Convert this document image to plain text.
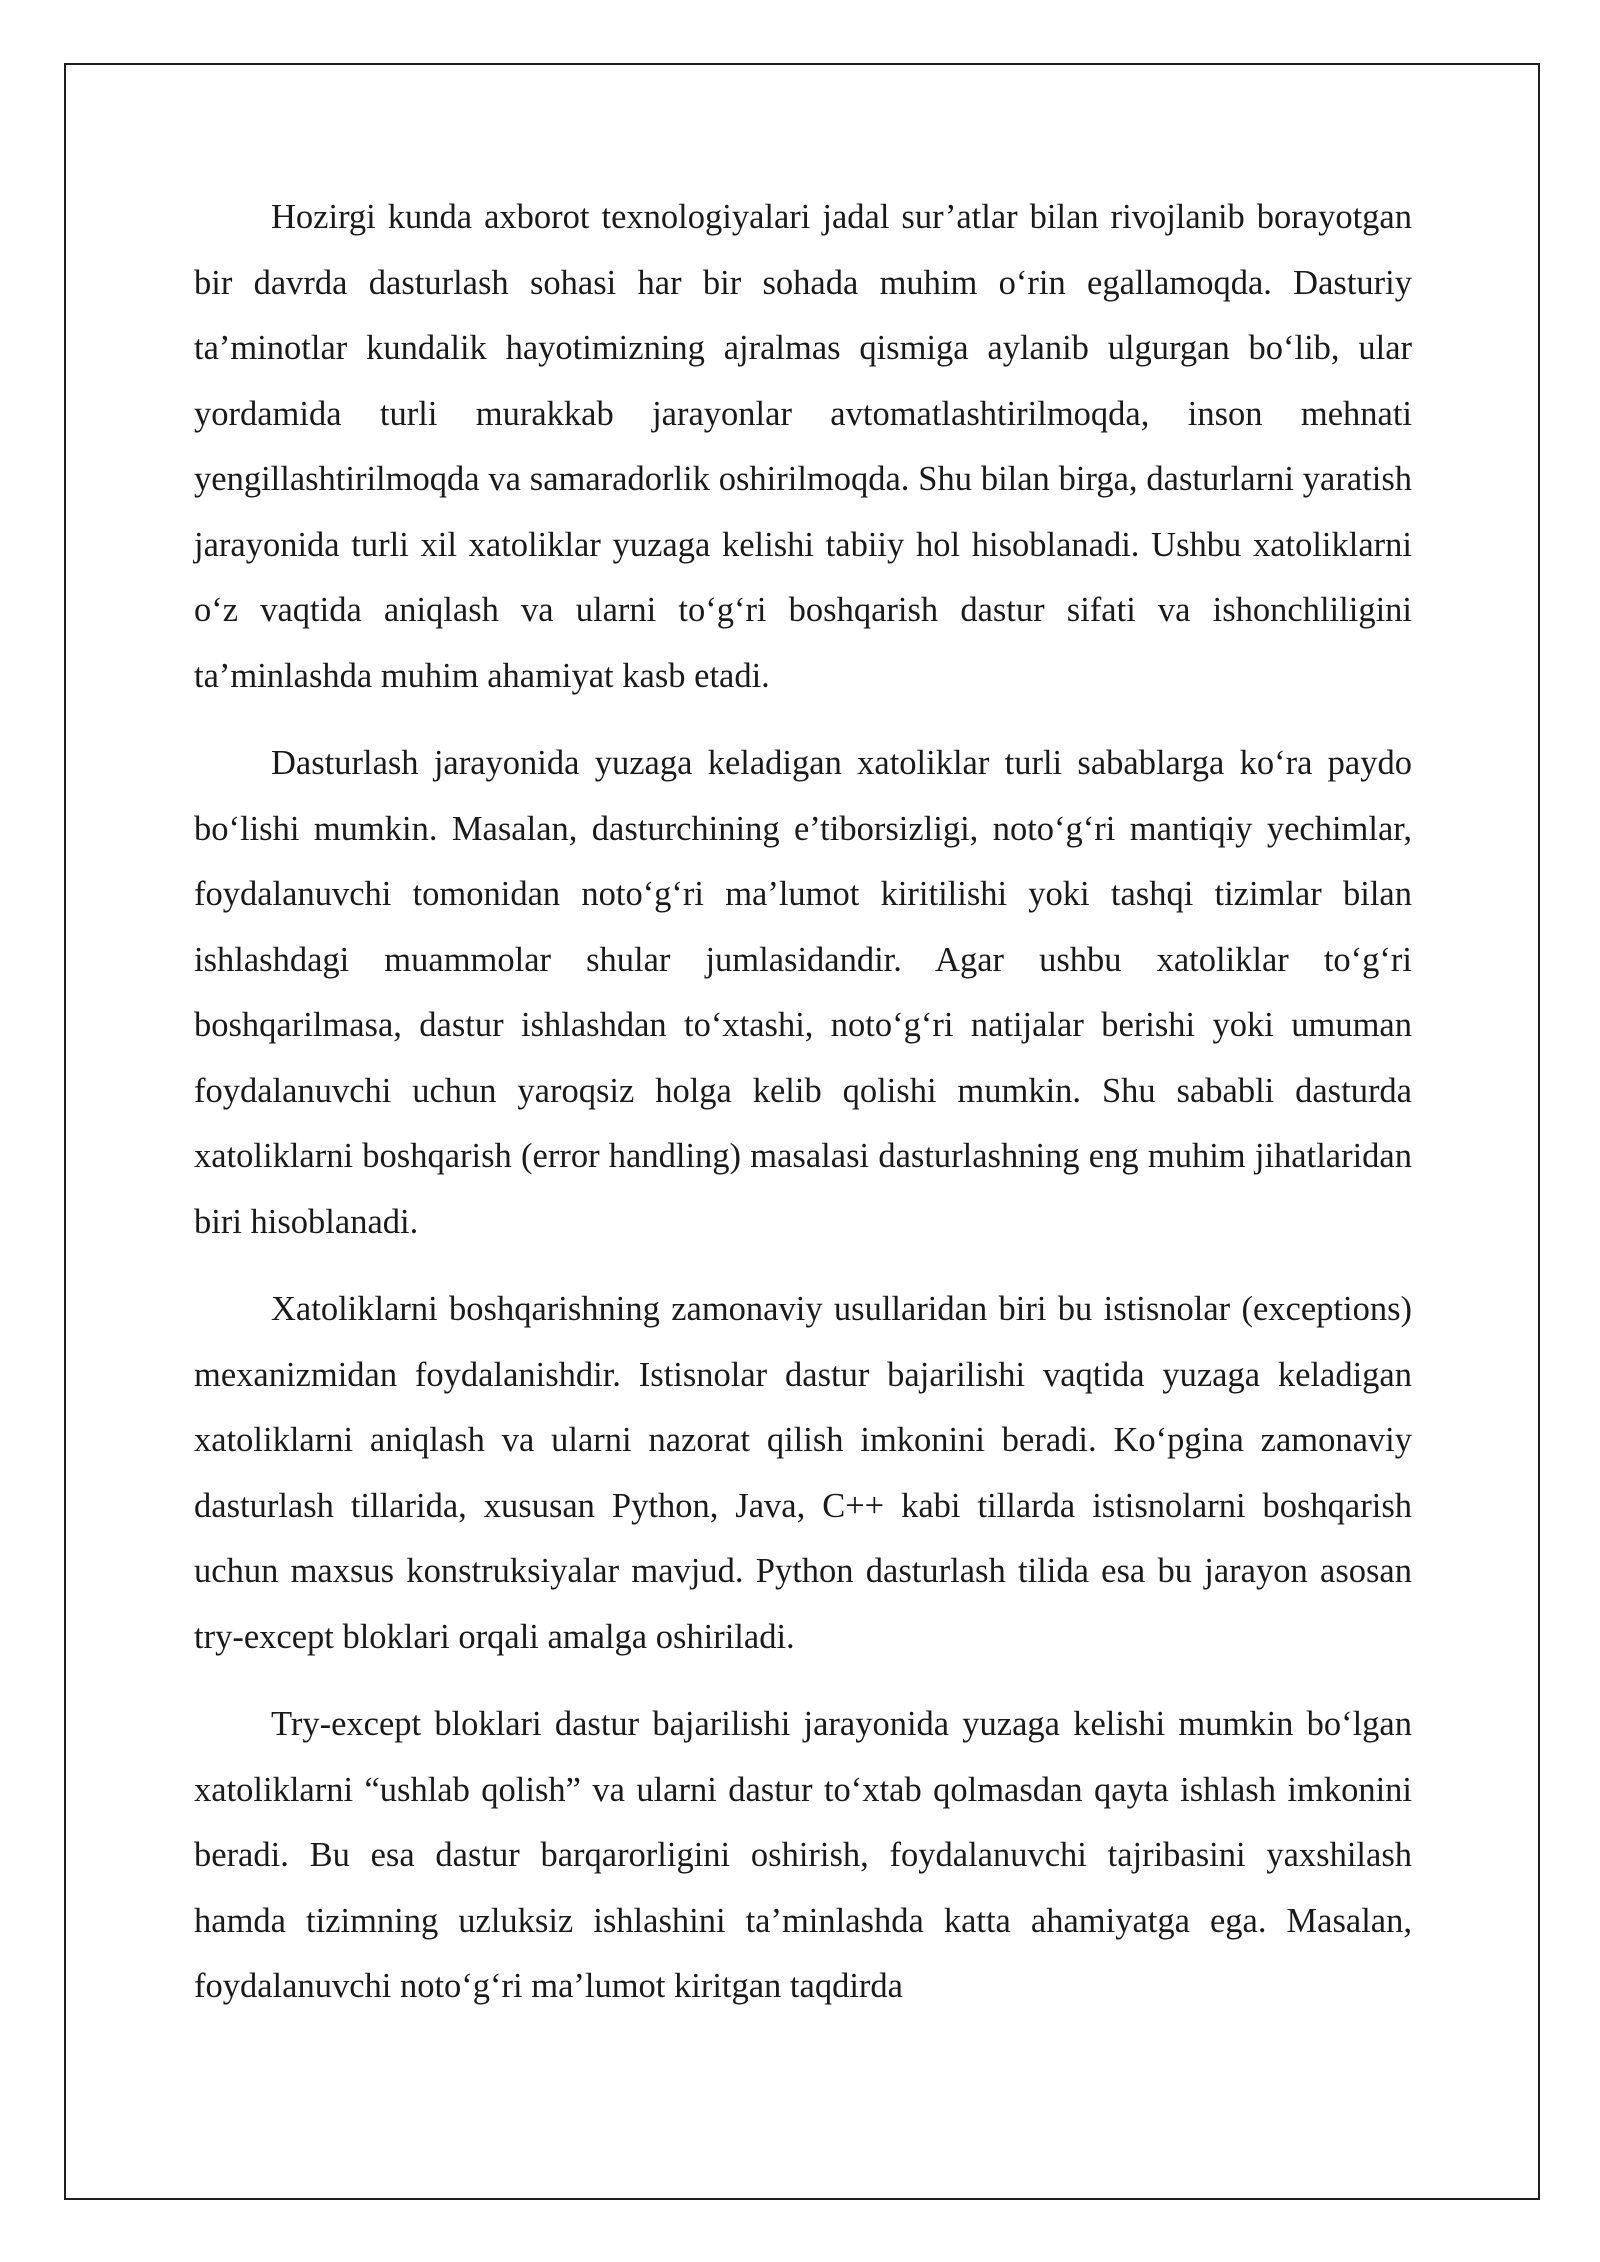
Hozirgi kunda axborot texnologiyalari jadal sur’atlar bilan rivojlanib borayotgan bir davrda dasturlash sohasi har bir sohada muhim o‘rin egallamoqda. Dasturiy ta’minotlar kundalik hayotimizning ajralmas qismiga aylanib ulgurgan bo‘lib, ular yordamida turli murakkab jarayonlar avtomatlashtirilmoqda, inson mehnati yengillashtirilmoqda va samaradorlik oshirilmoqda. Shu bilan birga, dasturlarni yaratish jarayonida turli xil xatoliklar yuzaga kelishi tabiiy hol hisoblanadi. Ushbu xatoliklarni o‘z vaqtida aniqlash va ularni to‘g‘ri boshqarish dastur sifati va ishonchliligini ta’minlashda muhim ahamiyat kasb etadi.

Dasturlash jarayonida yuzaga keladigan xatoliklar turli sabablarga ko‘ra paydo bo‘lishi mumkin. Masalan, dasturchining e’tiborsizligi, noto‘g‘ri mantiqiy yechimlar, foydalanuvchi tomonidan noto‘g‘ri ma’lumot kiritilishi yoki tashqi tizimlar bilan ishlashdagi muammolar shular jumlasidandir. Agar ushbu xatoliklar to‘g‘ri boshqarilmasa, dastur ishlashdan to‘xtashi, noto‘g‘ri natijalar berishi yoki umuman foydalanuvchi uchun yaroqsiz holga kelib qolishi mumkin. Shu sababli dasturda xatoliklarni boshqarish (error handling) masalasi dasturlashning eng muhim jihatlaridan biri hisoblanadi.

Xatoliklarni boshqarishning zamonaviy usullaridan biri bu istisnolar (exceptions) mexanizmidan foydalanishdir. Istisnolar dastur bajarilishi vaqtida yuzaga keladigan xatoliklarni aniqlash va ularni nazorat qilish imkonini beradi. Ko‘pgina zamonaviy dasturlash tillarida, xususan Python, Java, C++ kabi tillarda istisnolarni boshqarish uchun maxsus konstruksiyalar mavjud. Python dasturlash tilida esa bu jarayon asosan try-except bloklari orqali amalga oshiriladi.

Try-except bloklari dastur bajarilishi jarayonida yuzaga kelishi mumkin bo‘lgan xatoliklarni “ushlab qolish” va ularni dastur to‘xtab qolmasdan qayta ishlash imkonini beradi. Bu esa dastur barqarorligini oshirish, foydalanuvchi tajribasini yaxshilash hamda tizimning uzluksiz ishlashini ta’minlashda katta ahamiyatga ega. Masalan, foydalanuvchi noto‘g‘ri ma’lumot kiritgan taqdirda
